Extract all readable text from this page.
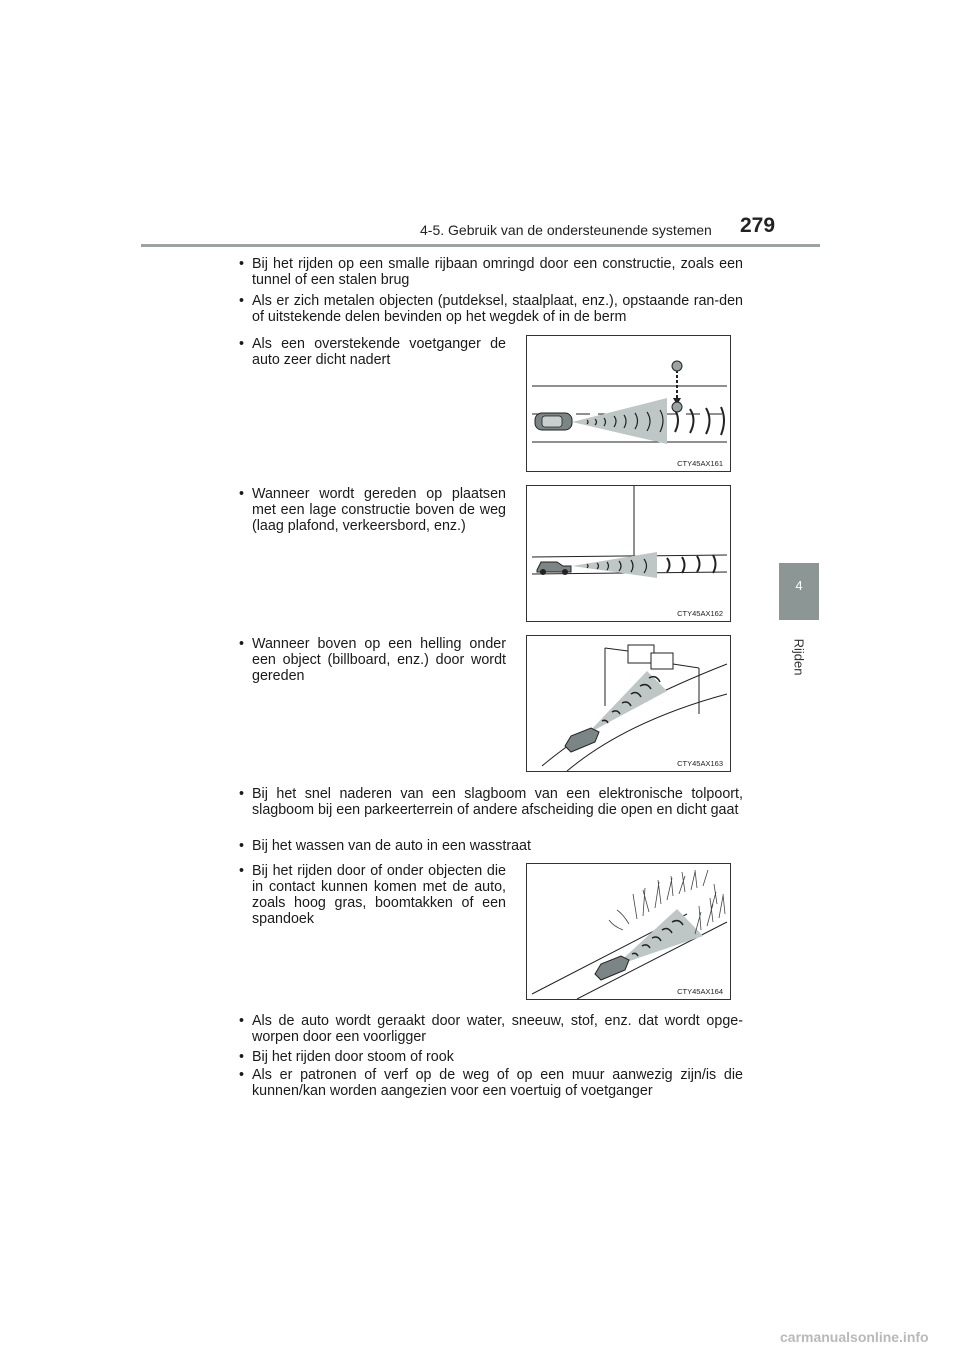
4-5. Gebruik van de ondersteunende systemen 279
4
Rijden
• Bij het rijden op een smalle rijbaan omringd door een constructie, zoals een tunnel of een stalen brug
• Als er zich metalen objecten (putdeksel, staalplaat, enz.), opstaande ran-den of uitstekende delen bevinden op het wegdek of in de berm
• Als een overstekende voetganger de auto zeer dicht nadert
• Wanneer wordt gereden op plaatsen met een lage constructie boven de weg (laag plafond, verkeersbord, enz.)
• Wanneer boven op een helling onder een object (billboard, enz.) door wordt gereden
• Bij het snel naderen van een slagboom van een elektronische tolpoort, slagboom bij een parkeerterrein of andere afscheiding die open en dicht gaat
• Bij het wassen van de auto in een wasstraat
• Bij het rijden door of onder objecten die in contact kunnen komen met de auto, zoals hoog gras, boomtakken of een spandoek
• Als de auto wordt geraakt door water, sneeuw, stof, enz. dat wordt opge-worpen door een voorligger
• Bij het rijden door stoom of rook
• Als er patronen of verf op de weg of op een muur aanwezig zijn/is die kunnen/kan worden aangezien voor een voertuig of voetganger
CTY45AX161
CTY45AX162
CTY45AX163
CTY45AX164
carmanualsonline.info
